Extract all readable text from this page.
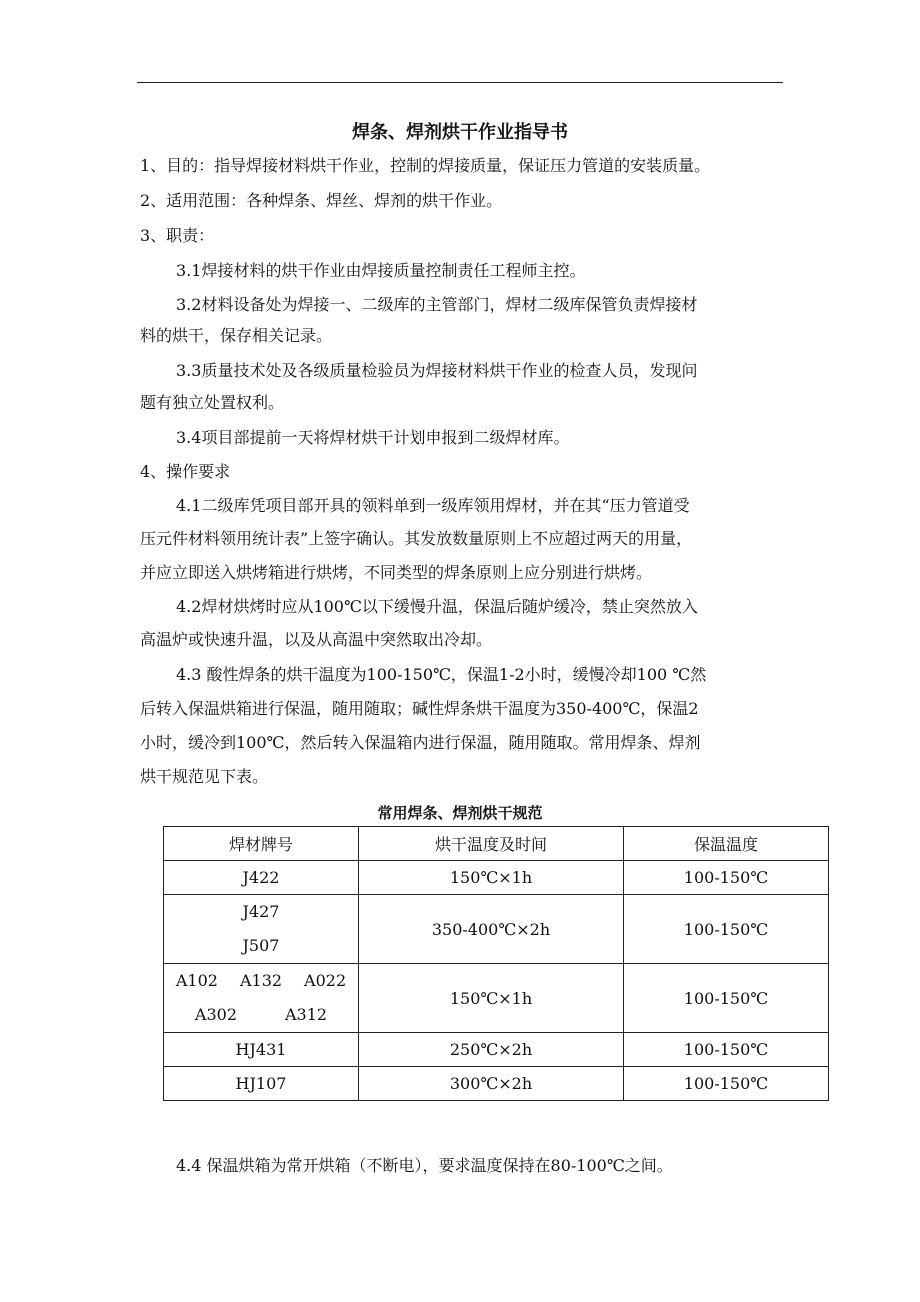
焊条、焊剂烘干作业指导书
1、目的：指导焊接材料烘干作业，控制的焊接质量，保证压力管道的安装质量。
2、适用范围：各种焊条、焊丝、焊剂的烘干作业。
3、职责：
3.1焊接材料的烘干作业由焊接质量控制责任工程师主控。
3.2材料设备处为焊接一、二级库的主管部门，焊材二级库保管负责焊接材
料的烘干，保存相关记录。
3.3质量技术处及各级质量检验员为焊接材料烘干作业的检查人员，发现问
题有独立处置权利。
3.4项目部提前一天将焊材烘干计划申报到二级焊材库。
4、操作要求
4.1二级库凭项目部开具的领料单到一级库领用焊材，并在其“压力管道受
压元件材料领用统计表”上签字确认。其发放数量原则上不应超过两天的用量，
并应立即送入烘烤箱进行烘烤，不同类型的焊条原则上应分别进行烘烤。
4.2焊材烘烤时应从100℃以下缓慢升温，保温后随炉缓冷，禁止突然放入
高温炉或快速升温，以及从高温中突然取出冷却。
4.3 酸性焊条的烘干温度为100-150℃，保温1-2小时，缓慢冷却100 ℃然
后转入保温烘箱进行保温，随用随取；碱性焊条烘干温度为350-400℃，保温2
小时，缓冷到100℃，然后转入保温箱内进行保温，随用随取。常用焊条、焊剂
烘干规范见下表。
常用焊条、焊剂烘干规范
焊材牌号	烘干温度及时间	保温温度
J422	150℃×1h	100-150℃

J427
J507	350-400℃×2h	100-150℃

A102 A132 A022
A302 A312	150℃×1h	100-150℃
HJ431	250℃×2h	100-150℃
HJ107	300℃×2h	100-150℃
4.4 保温烘箱为常开烘箱（不断电），要求温度保持在80-100℃之间。
